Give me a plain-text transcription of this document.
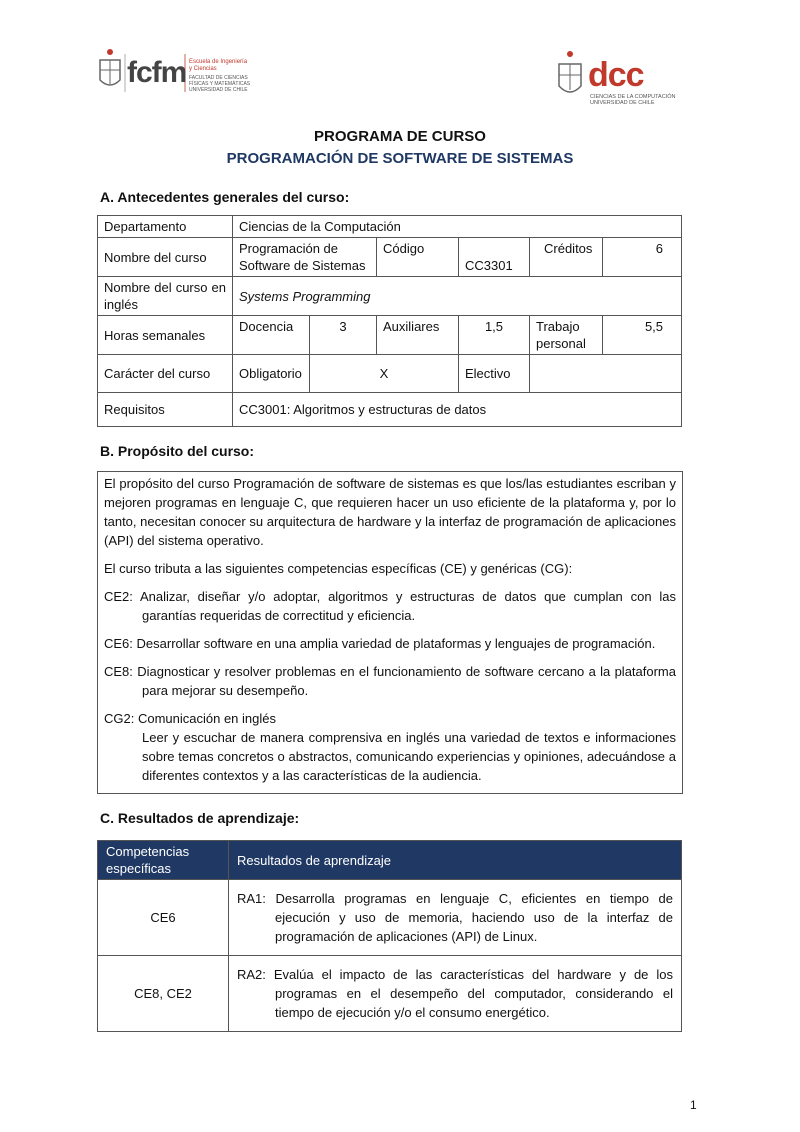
fcfm Escuela de Ingeniería
y Ciencias
FACULTAD DE CIENCIAS
FÍSICAS Y MATEMÁTICAS
UNIVERSIDAD DE CHILE	dcc
CIENCIAS DE LA COMPUTACIÓN
UNIVERSIDAD DE CHILE
PROGRAMA DE CURSO
PROGRAMACIÓN DE SOFTWARE DE SISTEMAS
A. Antecedentes generales del curso:
Departamento	Ciencias de la Computación					
Nombre del curso	Programación de Software de Sistemas		Código	CC3301	Créditos	6
Nombre del curso en inglés	Systems Programming					
Horas semanales	Docencia	3	Auxiliares	1,5	Trabajo personal	5,5
Carácter del curso	Obligatorio	X		Electivo		
Requisitos	CC3001: Algoritmos y estructuras de datos					
B. Propósito del curso:

El propósito del curso Programación de software de sistemas es que los/las estudiantes escriban y mejoren programas en lenguaje C, que requieren hacer un uso eficiente de la plataforma y, por lo tanto, necesitan conocer su arquitectura de hardware y la interfaz de programación de aplicaciones (API) del sistema operativo.

El curso tributa a las siguientes competencias específicas (CE) y genéricas (CG):

CE2: Analizar, diseñar y/o adoptar, algoritmos y estructuras de datos que cumplan con las garantías requeridas de correctitud y eficiencia.

CE6: Desarrollar software en una amplia variedad de plataformas y lenguajes de programación.

CE8: Diagnosticar y resolver problemas en el funcionamiento de software cercano a la plataforma para mejorar su desempeño.

CG2: Comunicación en inglés

Leer y escuchar de manera comprensiva en inglés una variedad de textos e informaciones sobre temas concretos o abstractos, comunicando experiencias y opiniones, adecuándose a diferentes contextos y a las características de la audiencia.

C. Resultados de aprendizaje:
Competencias específicas	Resultados de aprendizaje
CE6	RA1: Desarrolla programas en lenguaje C, eficientes en tiempo de ejecución y uso de memoria, haciendo uso de la interfaz de programación de aplicaciones (API) de Linux.

CE8, CE2	RA2: Evalúa el impacto de las características del hardware y de los programas en el desempeño del computador, considerando el tiempo de ejecución y/o el consumo energético.
1
